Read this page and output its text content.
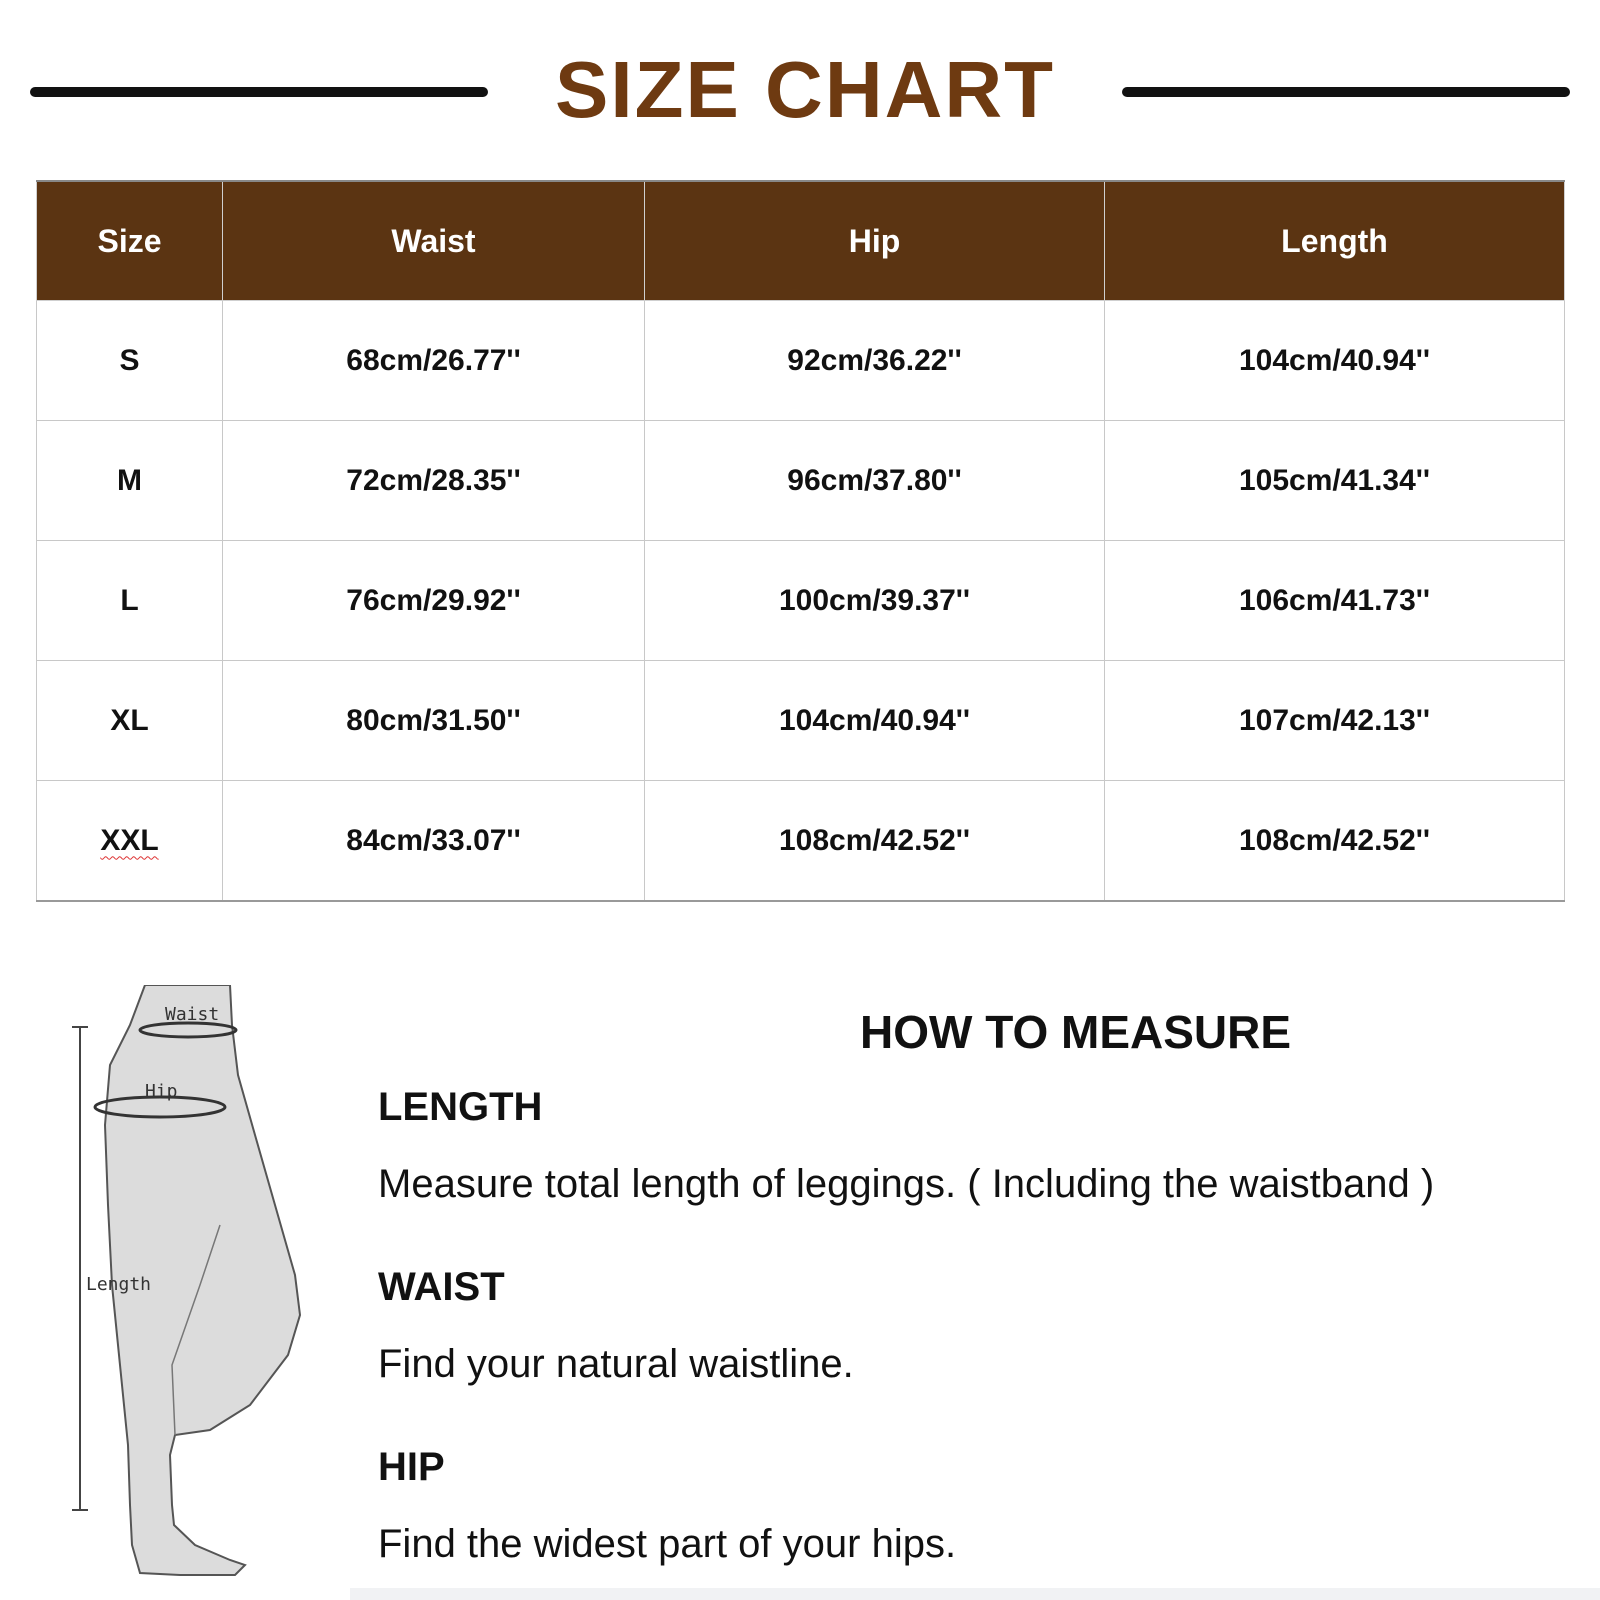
SIZE CHART
Size	Waist	Hip	Length
S	68cm/26.77''	92cm/36.22''	104cm/40.94''
M	72cm/28.35''	96cm/37.80''	105cm/41.34''
L	76cm/29.92''	100cm/39.37''	106cm/41.73''
XL	80cm/31.50''	104cm/40.94''	107cm/42.13''
XXL	84cm/33.07''	108cm/42.52''	108cm/42.52''
Waist
Hip
Length
HOW TO MEASURE
LENGTH
Measure total length of leggings. ( Including the waistband )
WAIST
Find your natural waistline.
HIP
Find the widest part of your hips.
